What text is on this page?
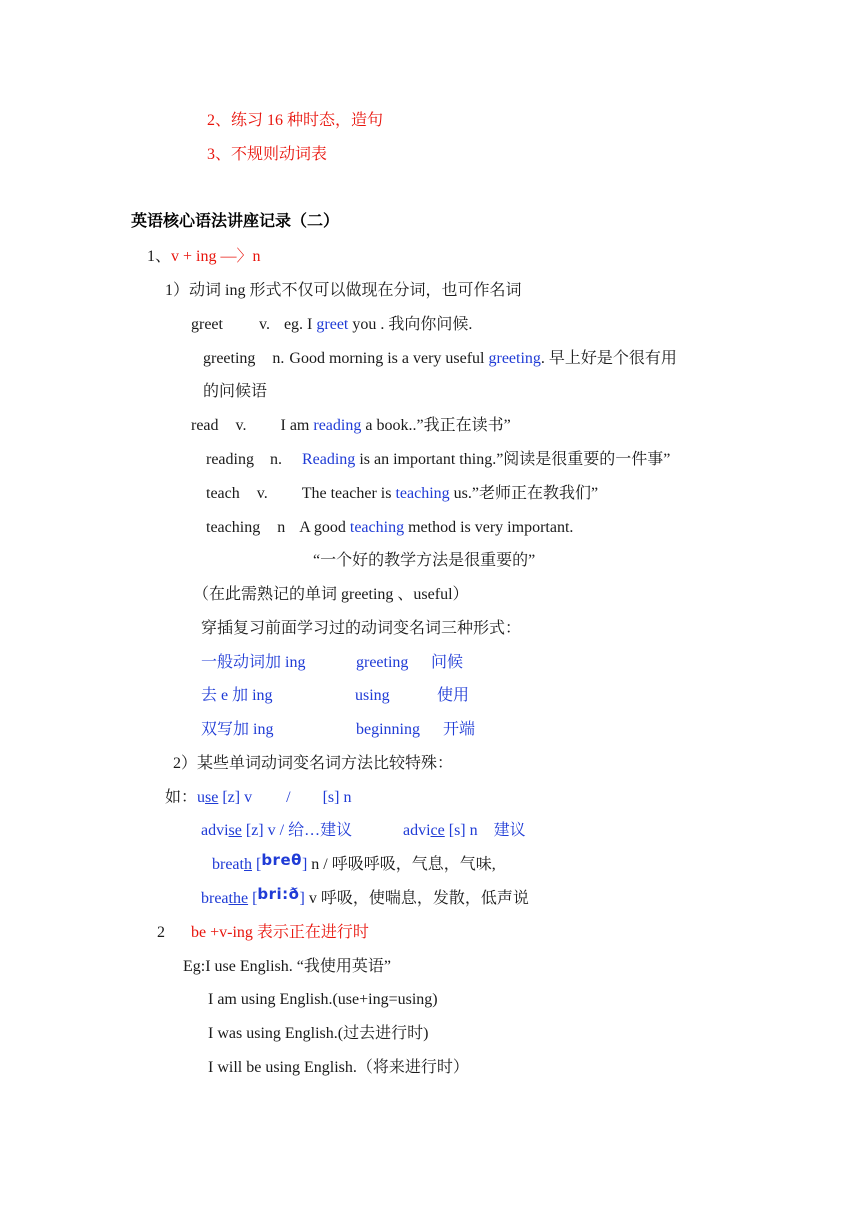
2、练习 16 种时态，造句
3、不规则动词表
英语核心语法讲座记录（二）
1、v + ing —〉n
1）动词 ing 形式不仅可以做现在分词，也可作名词
greet v. eg. I greet you . 我向你问候.
greeting n. Good morning is a very useful greeting. 早上好是个很有用
的问候语
read v. I am reading a book..”我正在读书”
reading n. Reading is an important thing.”阅读是很重要的一件事”
teach v. The teacher is teaching us.”老师正在教我们”
teaching n A good teaching method is very important.
“一个好的教学方法是很重要的”
（在此需熟记的单词 greeting 、useful）
穿插复习前面学习过的动词变名词三种形式：
一般动词加 ing	greeting 问候
去 e 加 ing	using	使用
双写加 ing	beginning 开端
2）某些单词动词变名词方法比较特殊：
如：use [z] v / [s] n
advise [z] v / 给…建议	advice [s] n 建议
breath [breθ] n / 呼吸呼吸，气息，气味,
breathe [bri:ð] v 呼吸，使喘息，发散，低声说
2 be +v-ing 表示正在进行时
Eg:I use English. “我使用英语”
I am using English.(use+ing=using)
I was using English.(过去进行时)
I will be using English.（将来进行时）
